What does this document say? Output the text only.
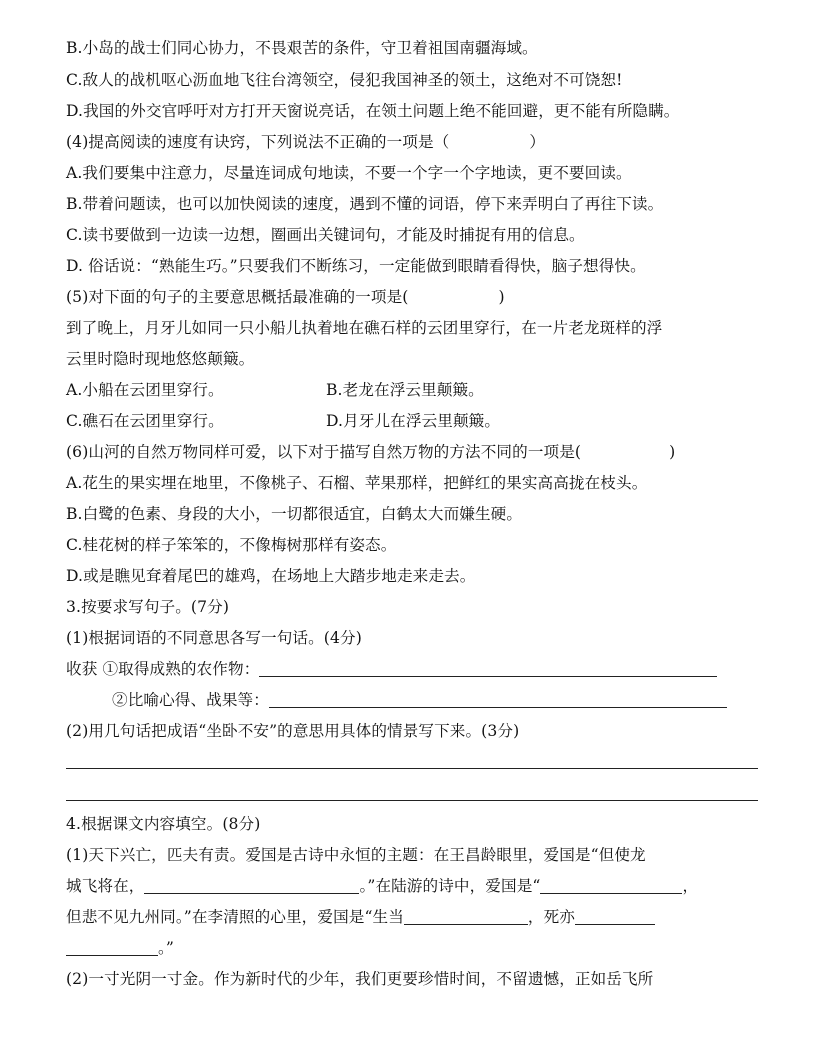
B.小岛的战士们同心协力，不畏艰苦的条件，守卫着祖国南疆海域。
C.敌人的战机呕心沥血地飞往台湾领空，侵犯我国神圣的领土，这绝对不可饶恕!
D.我国的外交官呼吁对方打开天窗说亮话，在领土问题上绝不能回避，更不能有所隐瞒。
(4)提高阅读的速度有诀窍，下列说法不正确的一项是（	）
A.我们要集中注意力，尽量连词成句地读，不要一个字一个字地读，更不要回读。
B.带着问题读，也可以加快阅读的速度，遇到不懂的词语，停下来弄明白了再往下读。
C.读书要做到一边读一边想，圈画出关键词句，才能及时捕捉有用的信息。
D. 俗话说：“熟能生巧。”只要我们不断练习，一定能做到眼睛看得快，脑子想得快。
(5)对下面的句子的主要意思概括最准确的一项是(	)
到了晚上，月牙儿如同一只小船儿执着地在礁石样的云团里穿行，在一片老龙斑样的浮
云里时隐时现地悠悠颠簸。
A.小船在云团里穿行。	B.老龙在浮云里颠簸。
C.礁石在云团里穿行。	D.月牙儿在浮云里颠簸。
(6)山河的自然万物同样可爱，以下对于描写自然万物的方法不同的一项是(	)
A.花生的果实埋在地里，不像桃子、石榴、苹果那样，把鲜红的果实高高拢在枝头。
B.白鹭的色素、身段的大小，一切都很适宜，白鹤太大而嫌生硬。
C.桂花树的样子笨笨的，不像梅树那样有姿态。
D.或是瞧见耷着尾巴的雄鸡，在场地上大踏步地走来走去。
3.按要求写句子。(7分)
(1)根据词语的不同意思各写一句话。(4分)
收获 ①取得成熟的农作物：
②比喻心得、战果等：
(2)用几句话把成语“坐卧不安”的意思用具体的情景写下来。(3分)
4.根据课文内容填空。(8分)
(1)天下兴亡，匹夫有责。爱国是古诗中永恒的主题：在王昌龄眼里，爱国是“但使龙
城飞将在，	。”在陆游的诗中，爱国是“	，
但悲不见九州同。”在李清照的心里，爱国是“生当	，死亦
。”
(2)一寸光阴一寸金。作为新时代的少年，我们更要珍惜时间，不留遗憾，正如岳飞所
